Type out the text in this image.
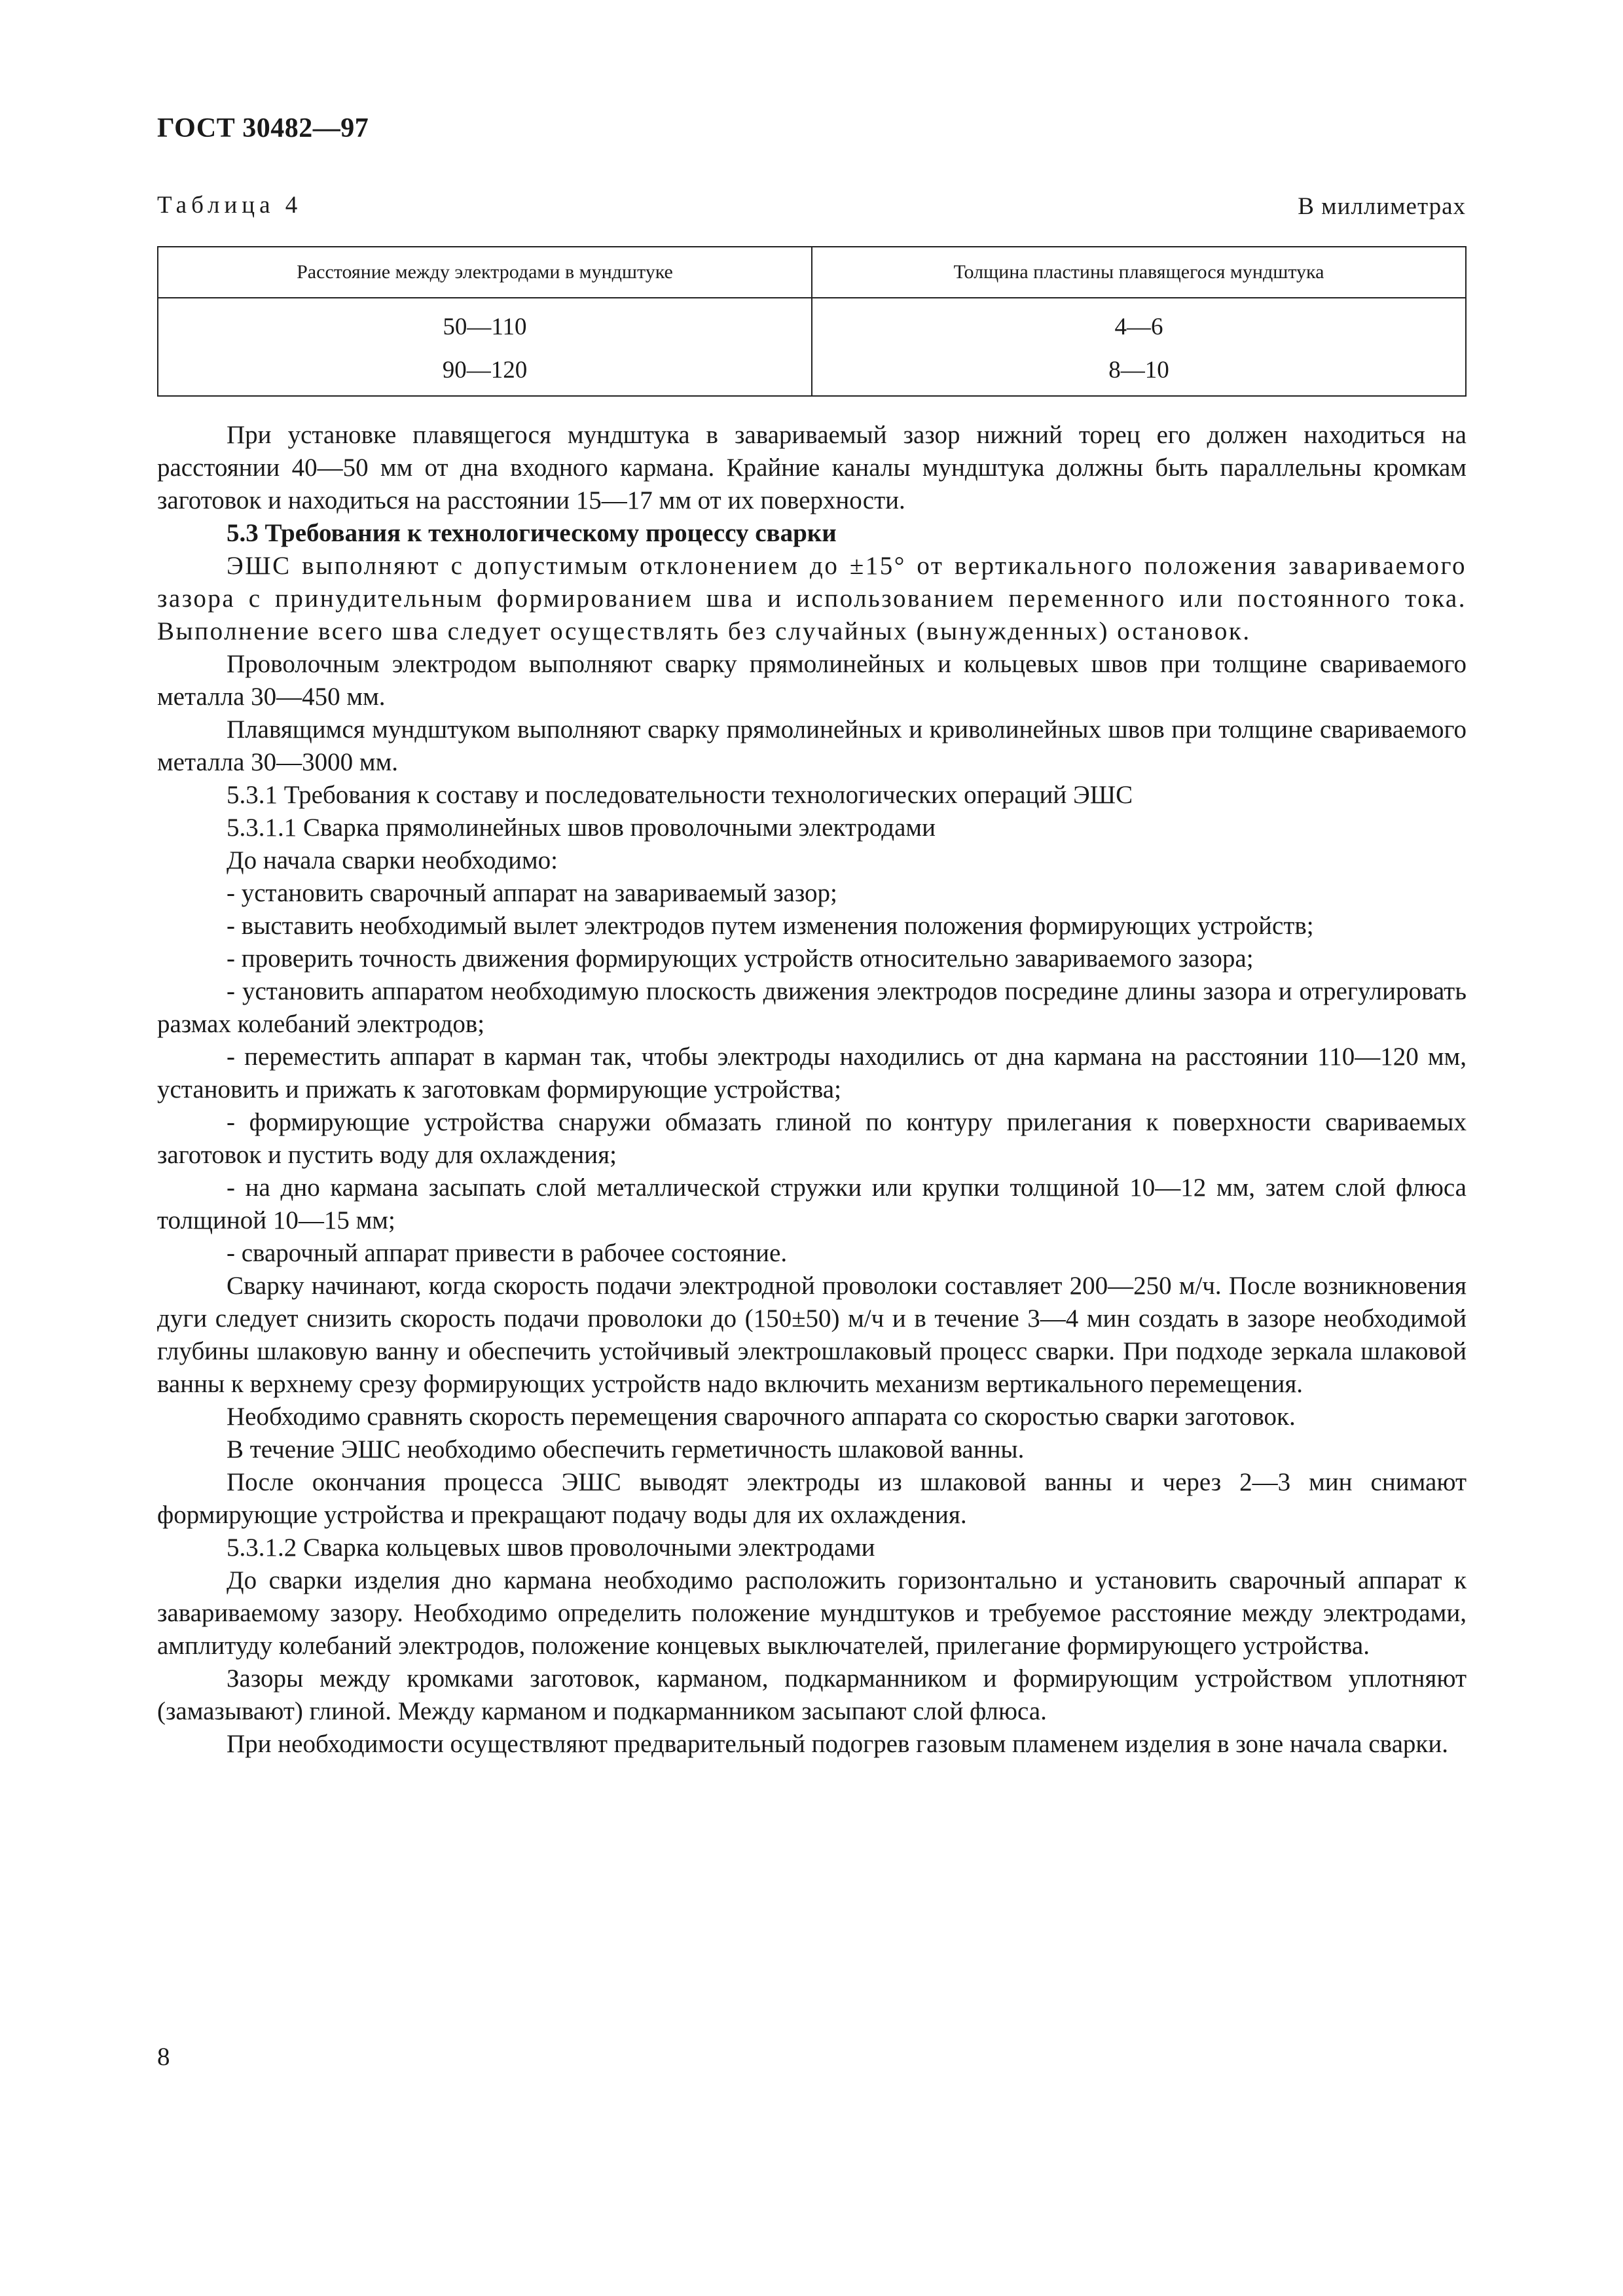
ГОСТ 30482—97
Таблица 4	В миллиметрах
Расстояние между электродами в мундштуке	Толщина пластины плавящегося мундштука
50—110	4—6
90—120	8—10

При установке плавящегося мундштука в завариваемый зазор нижний торец его должен находиться на расстоянии 40—50 мм от дна входного кармана. Крайние каналы мундштука должны быть параллельны кромкам заготовок и находиться на расстоянии 15—17 мм от их поверхности.

5.3 Требования к технологическому процессу сварки

ЭШС выполняют с допустимым отклонением до ±15° от вертикального положения завариваемого зазора с принудительным формированием шва и использованием переменного или постоянного тока. Выполнение всего шва следует осуществлять без случайных (вынужденных) остановок.

Проволочным электродом выполняют сварку прямолинейных и кольцевых швов при толщине свариваемого металла 30—450 мм.

Плавящимся мундштуком выполняют сварку прямолинейных и криволинейных швов при толщине свариваемого металла 30—3000 мм.

5.3.1 Требования к составу и последовательности технологических операций ЭШС

5.3.1.1 Сварка прямолинейных швов проволочными электродами

До начала сварки необходимо:

- установить сварочный аппарат на завариваемый зазор;

- выставить необходимый вылет электродов путем изменения положения формирующих устройств;

- проверить точность движения формирующих устройств относительно завариваемого зазора;

- установить аппаратом необходимую плоскость движения электродов посредине длины зазора и отрегулировать размах колебаний электродов;

- переместить аппарат в карман так, чтобы электроды находились от дна кармана на расстоянии 110—120 мм, установить и прижать к заготовкам формирующие устройства;

- формирующие устройства снаружи обмазать глиной по контуру прилегания к поверхности свариваемых заготовок и пустить воду для охлаждения;

- на дно кармана засыпать слой металлической стружки или крупки толщиной 10—12 мм, затем слой флюса толщиной 10—15 мм;

- сварочный аппарат привести в рабочее состояние.

Сварку начинают, когда скорость подачи электродной проволоки составляет 200—250 м/ч. После возникновения дуги следует снизить скорость подачи проволоки до (150±50) м/ч и в течение 3—4 мин создать в зазоре необходимой глубины шлаковую ванну и обеспечить устойчивый электрошлаковый процесс сварки. При подходе зеркала шлаковой ванны к верхнему срезу формирующих устройств надо включить механизм вертикального перемещения.

Необходимо сравнять скорость перемещения сварочного аппарата со скоростью сварки заготовок.

В течение ЭШС необходимо обеспечить герметичность шлаковой ванны.

После окончания процесса ЭШС выводят электроды из шлаковой ванны и через 2—3 мин снимают формирующие устройства и прекращают подачу воды для их охлаждения.

5.3.1.2 Сварка кольцевых швов проволочными электродами

До сварки изделия дно кармана необходимо расположить горизонтально и установить сварочный аппарат к завариваемому зазору. Необходимо определить положение мундштуков и требуемое расстояние между электродами, амплитуду колебаний электродов, положение концевых выключателей, прилегание формирующего устройства.

Зазоры между кромками заготовок, карманом, подкарманником и формирующим устройством уплотняют (замазывают) глиной. Между карманом и подкарманником засыпают слой флюса.

При необходимости осуществляют предварительный подогрев газовым пламенем изделия в зоне начала сварки.

8
